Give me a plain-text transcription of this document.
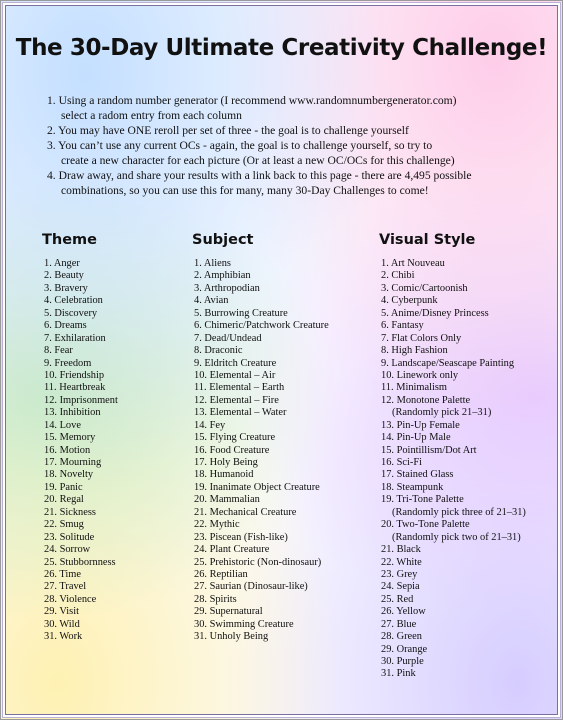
The 30-Day Ultimate Creativity Challenge!

1. Using a random number generator (I recommend www.randomnumbergenerator.com)
select a radom entry from each column

2. You may have ONE reroll per set of three - the goal is to challenge yourself

3. You can’t use any current OCs - again, the goal is to challenge yourself, so try to
create a new character for each picture (Or at least a new OC/OCs for this challenge)

4. Draw away, and share your results with a link back to this page - there are 4,495 possible
combinations, so you can use this for many, many 30-Day Challenges to come!

Theme	Subject	Visual Style
1. Anger
2. Beauty
3. Bravery
4. Celebration
5. Discovery
6. Dreams
7. Exhilaration
8. Fear
9. Freedom
10. Friendship
11. Heartbreak
12. Imprisonment
13. Inhibition
14. Love
15. Memory
16. Motion
17. Mourning
18. Novelty
19. Panic
20. Regal
21. Sickness
22. Smug
23. Solitude
24. Sorrow
25. Stubbornness
26. Time
27. Travel
28. Violence
29. Visit
30. Wild
31. Work
1. Aliens
2. Amphibian
3. Arthropodian
4. Avian
5. Burrowing Creature
6. Chimeric/Patchwork Creature
7. Dead/Undead
8. Draconic
9. Eldritch Creature
10. Elemental – Air
11. Elemental – Earth
12. Elemental – Fire
13. Elemental – Water
14. Fey
15. Flying Creature
16. Food Creature
17. Holy Being
18. Humanoid
19. Inanimate Object Creature
20. Mammalian
21. Mechanical Creature
22. Mythic
23. Piscean (Fish-like)
24. Plant Creature
25. Prehistoric (Non-dinosaur)
26. Reptilian
27. Saurian (Dinosaur-like)
28. Spirits
29. Supernatural
30. Swimming Creature
31. Unholy Being
1. Art Nouveau
2. Chibi
3. Comic/Cartoonish
4. Cyberpunk
5. Anime/Disney Princess
6. Fantasy
7. Flat Colors Only
8. High Fashion
9. Landscape/Seascape Painting
10. Linework only
11. Minimalism
12. Monotone Palette
(Randomly pick 21–31)
13. Pin-Up Female
14. Pin-Up Male
15. Pointillism/Dot Art
16. Sci-Fi
17. Stained Glass
18. Steampunk
19. Tri-Tone Palette
(Randomly pick three of 21–31)
20. Two-Tone Palette
(Randomly pick two of 21–31)
21. Black
22. White
23. Grey
24. Sepia
25. Red
26. Yellow
27. Blue
28. Green
29. Orange
30. Purple
31. Pink
